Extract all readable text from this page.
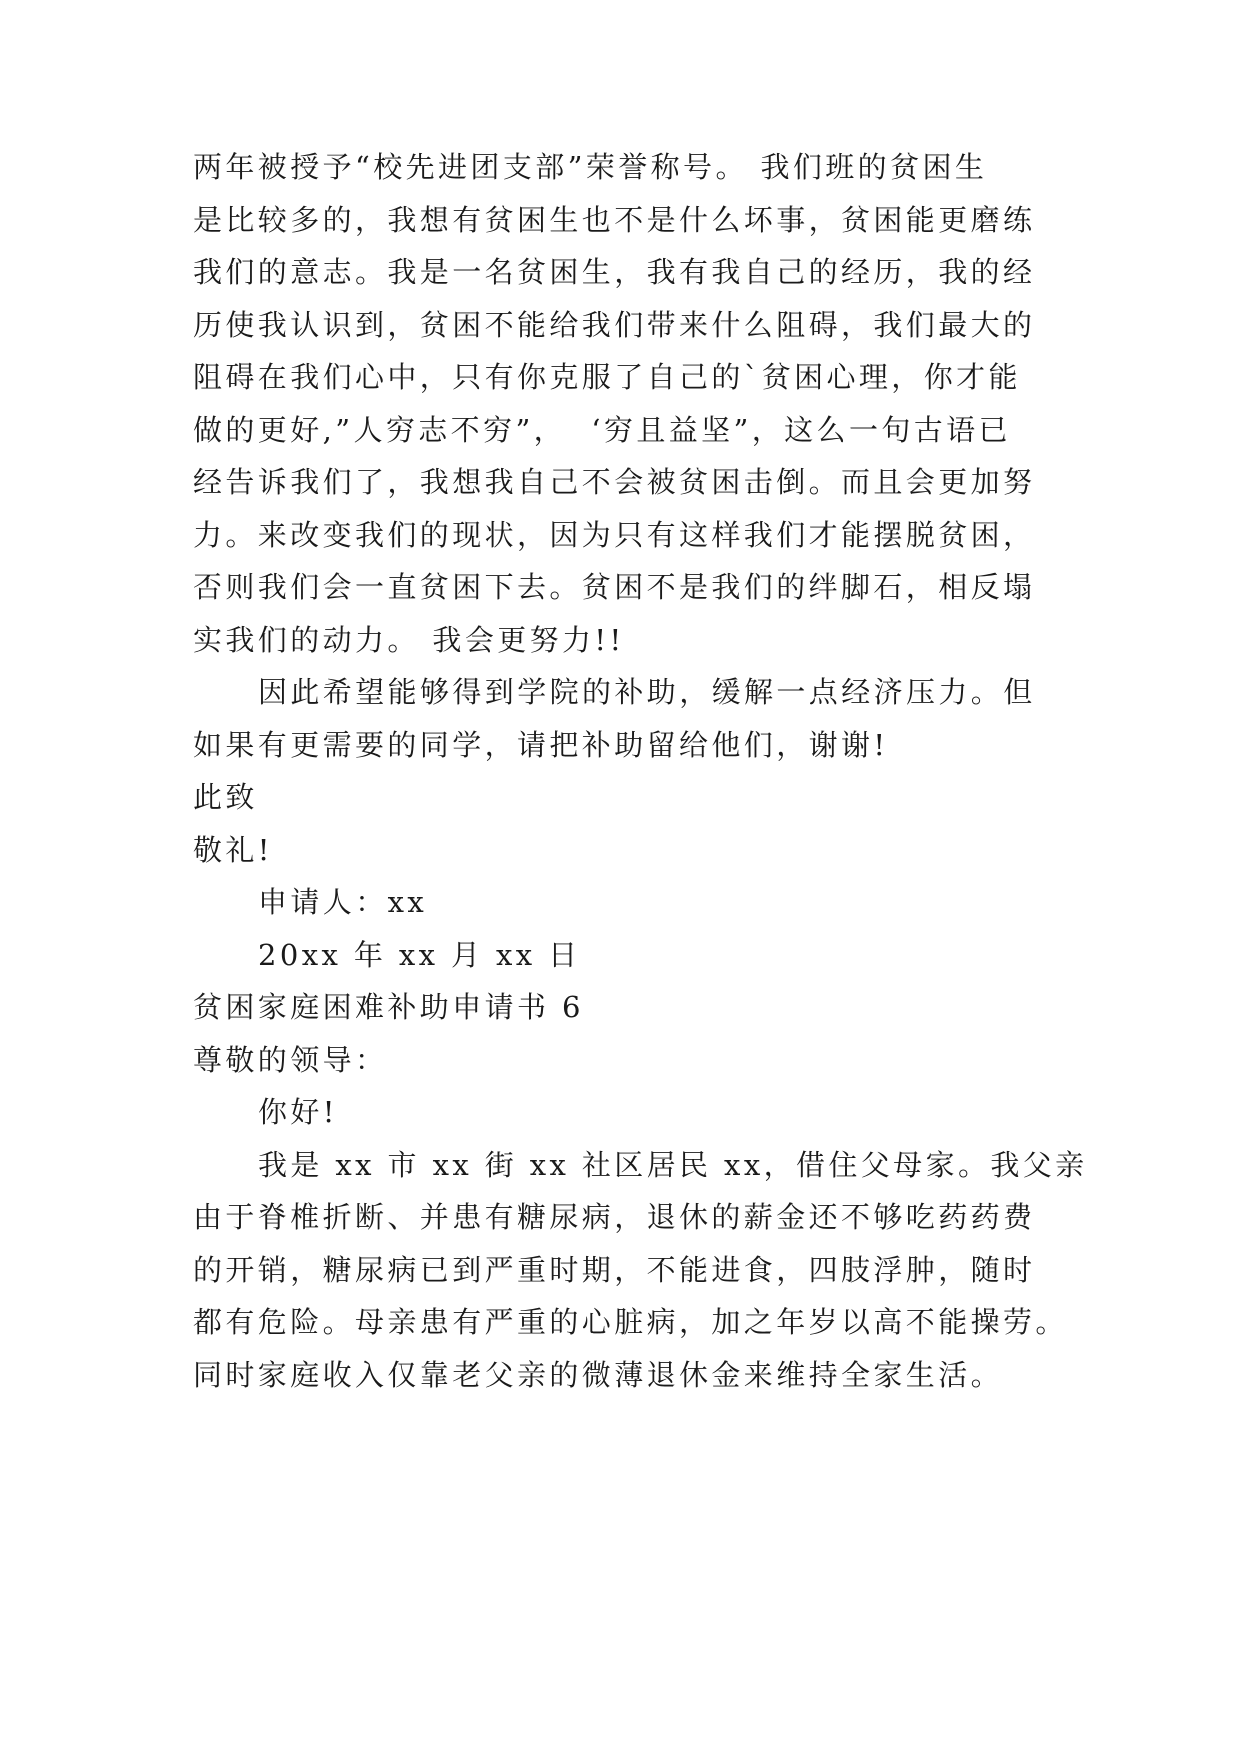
两年被授予“校先进团支部”荣誉称号。 我们班的贫困生
是比较多的，我想有贫困生也不是什么坏事，贫困能更磨练
我们的意志。我是一名贫困生，我有我自己的经历，我的经
历使我认识到，贫困不能给我们带来什么阻碍，我们最大的
阻碍在我们心中，只有你克服了自己的`贫困心理，你才能
做的更好,”人穷志不穷”，  ‘穷且益坚”，这么一句古语已
经告诉我们了，我想我自己不会被贫困击倒。而且会更加努
力。来改变我们的现状，因为只有这样我们才能摆脱贫困，
否则我们会一直贫困下去。贫困不是我们的绊脚石，相反塌
实我们的动力。 我会更努力!!
因此希望能够得到学院的补助，缓解一点经济压力。但
如果有更需要的同学，请把补助留给他们，谢谢!
此致
敬礼!
申请人：xx
20xx 年 xx 月 xx 日
贫困家庭困难补助申请书 6
尊敬的领导：
你好!
我是 xx 市 xx 街 xx 社区居民 xx，借住父母家。我父亲
由于脊椎折断、并患有糖尿病，退休的薪金还不够吃药药费
的开销，糖尿病已到严重时期，不能进食，四肢浮肿，随时
都有危险。母亲患有严重的心脏病，加之年岁以高不能操劳。
同时家庭收入仅靠老父亲的微薄退休金来维持全家生活。
